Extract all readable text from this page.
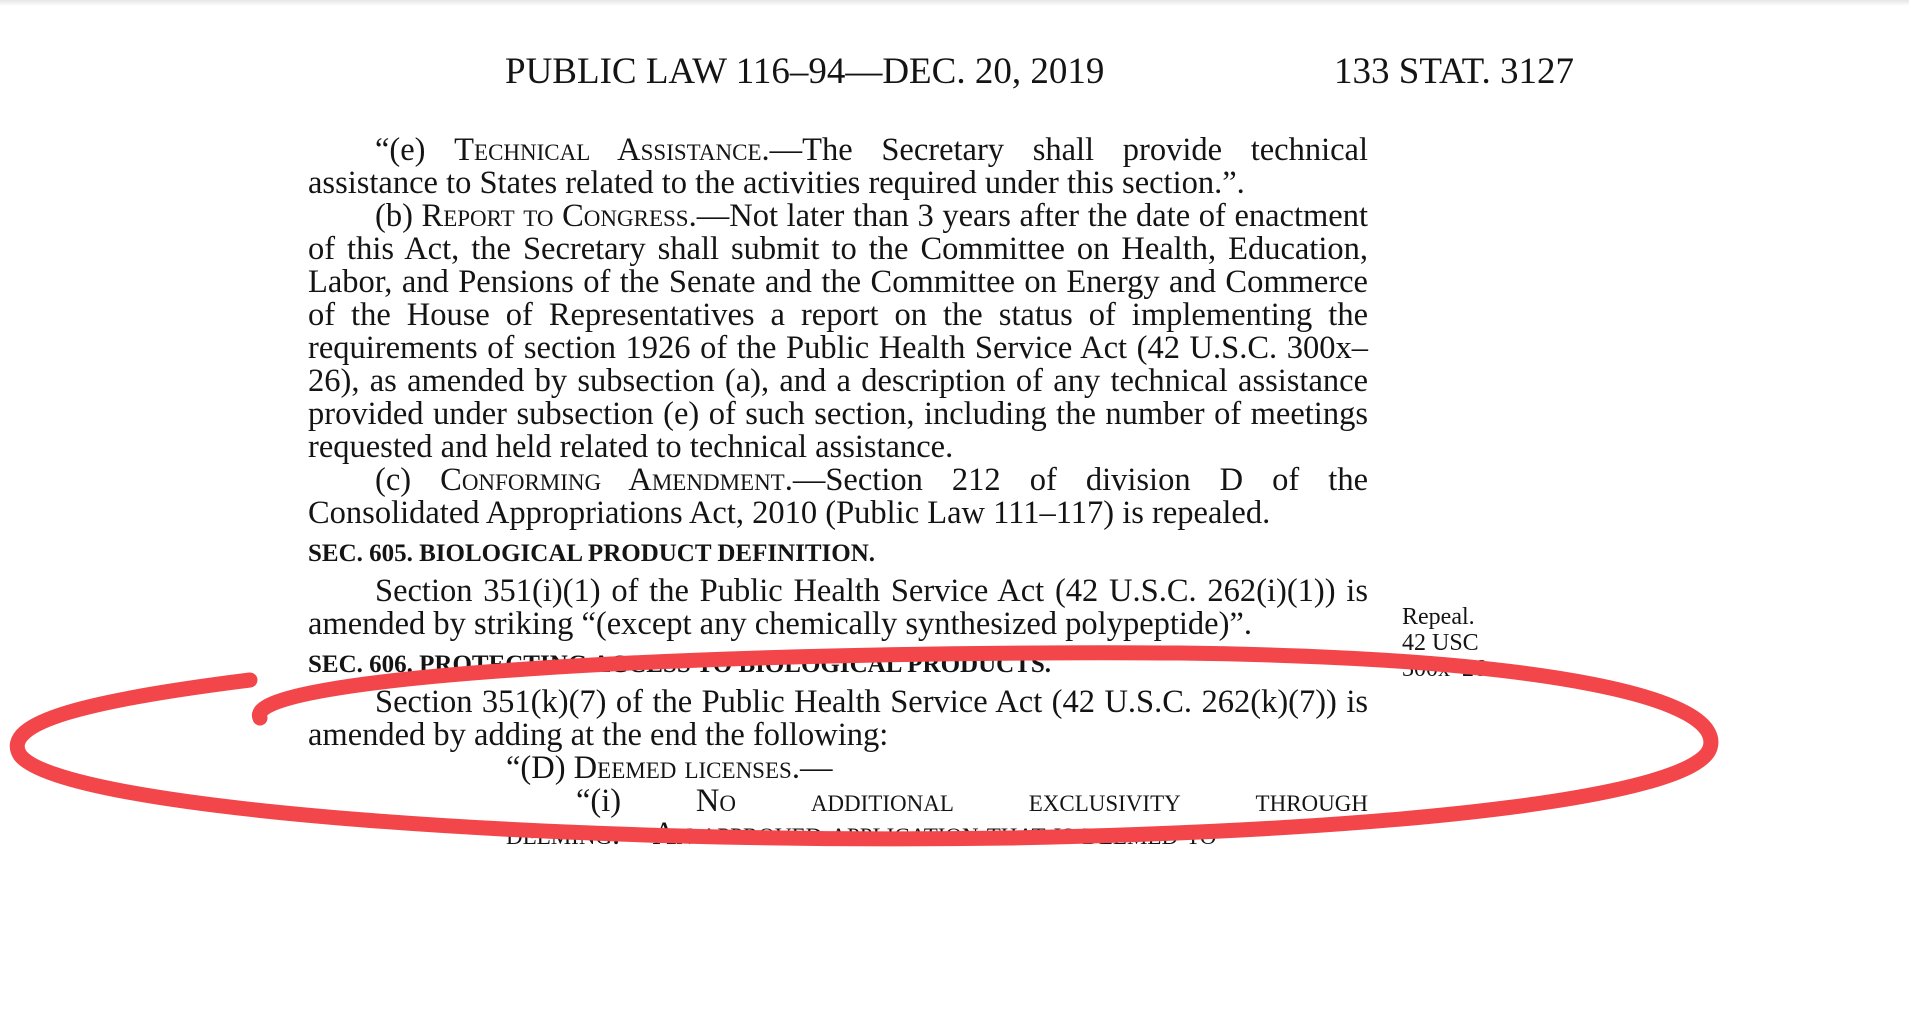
PUBLIC LAW 116–94—DEC. 20, 2019	133 STAT. 3127

“(e) Technical Assistance.—The Secretary shall provide technical assistance to States related to the activities required under this section.”.

(b) Report to Congress.—Not later than 3 years after the date of enactment of this Act, the Secretary shall submit to the Committee on Health, Education, Labor, and Pensions of the Senate and the Committee on Energy and Commerce of the House of Representatives a report on the status of implementing the requirements of section 1926 of the Public Health Service Act (42 U.S.C. 300x–26), as amended by subsection (a), and a description of any technical assistance provided under subsection (e) of such section, including the number of meetings requested and held related to technical assistance.

(c) Conforming Amendment.—Section 212 of division D of the Consolidated Appropriations Act, 2010 (Public Law 111–117) is repealed.

SEC. 605. BIOLOGICAL PRODUCT DEFINITION.

Section 351(i)(1) of the Public Health Service Act (42 U.S.C. 262(i)(1)) is amended by striking “(except any chemically synthesized polypeptide)”.

SEC. 606. PROTECTING ACCESS TO BIOLOGICAL PRODUCTS.

Section 351(k)(7) of the Public Health Service Act (42 U.S.C. 262(k)(7)) is amended by adding at the end the following:

“(D) Deemed licenses.—

“(i) No additional exclusivity through

deeming.—An approved application that is deemed to

Repeal.
42 USC
300x–26a.
